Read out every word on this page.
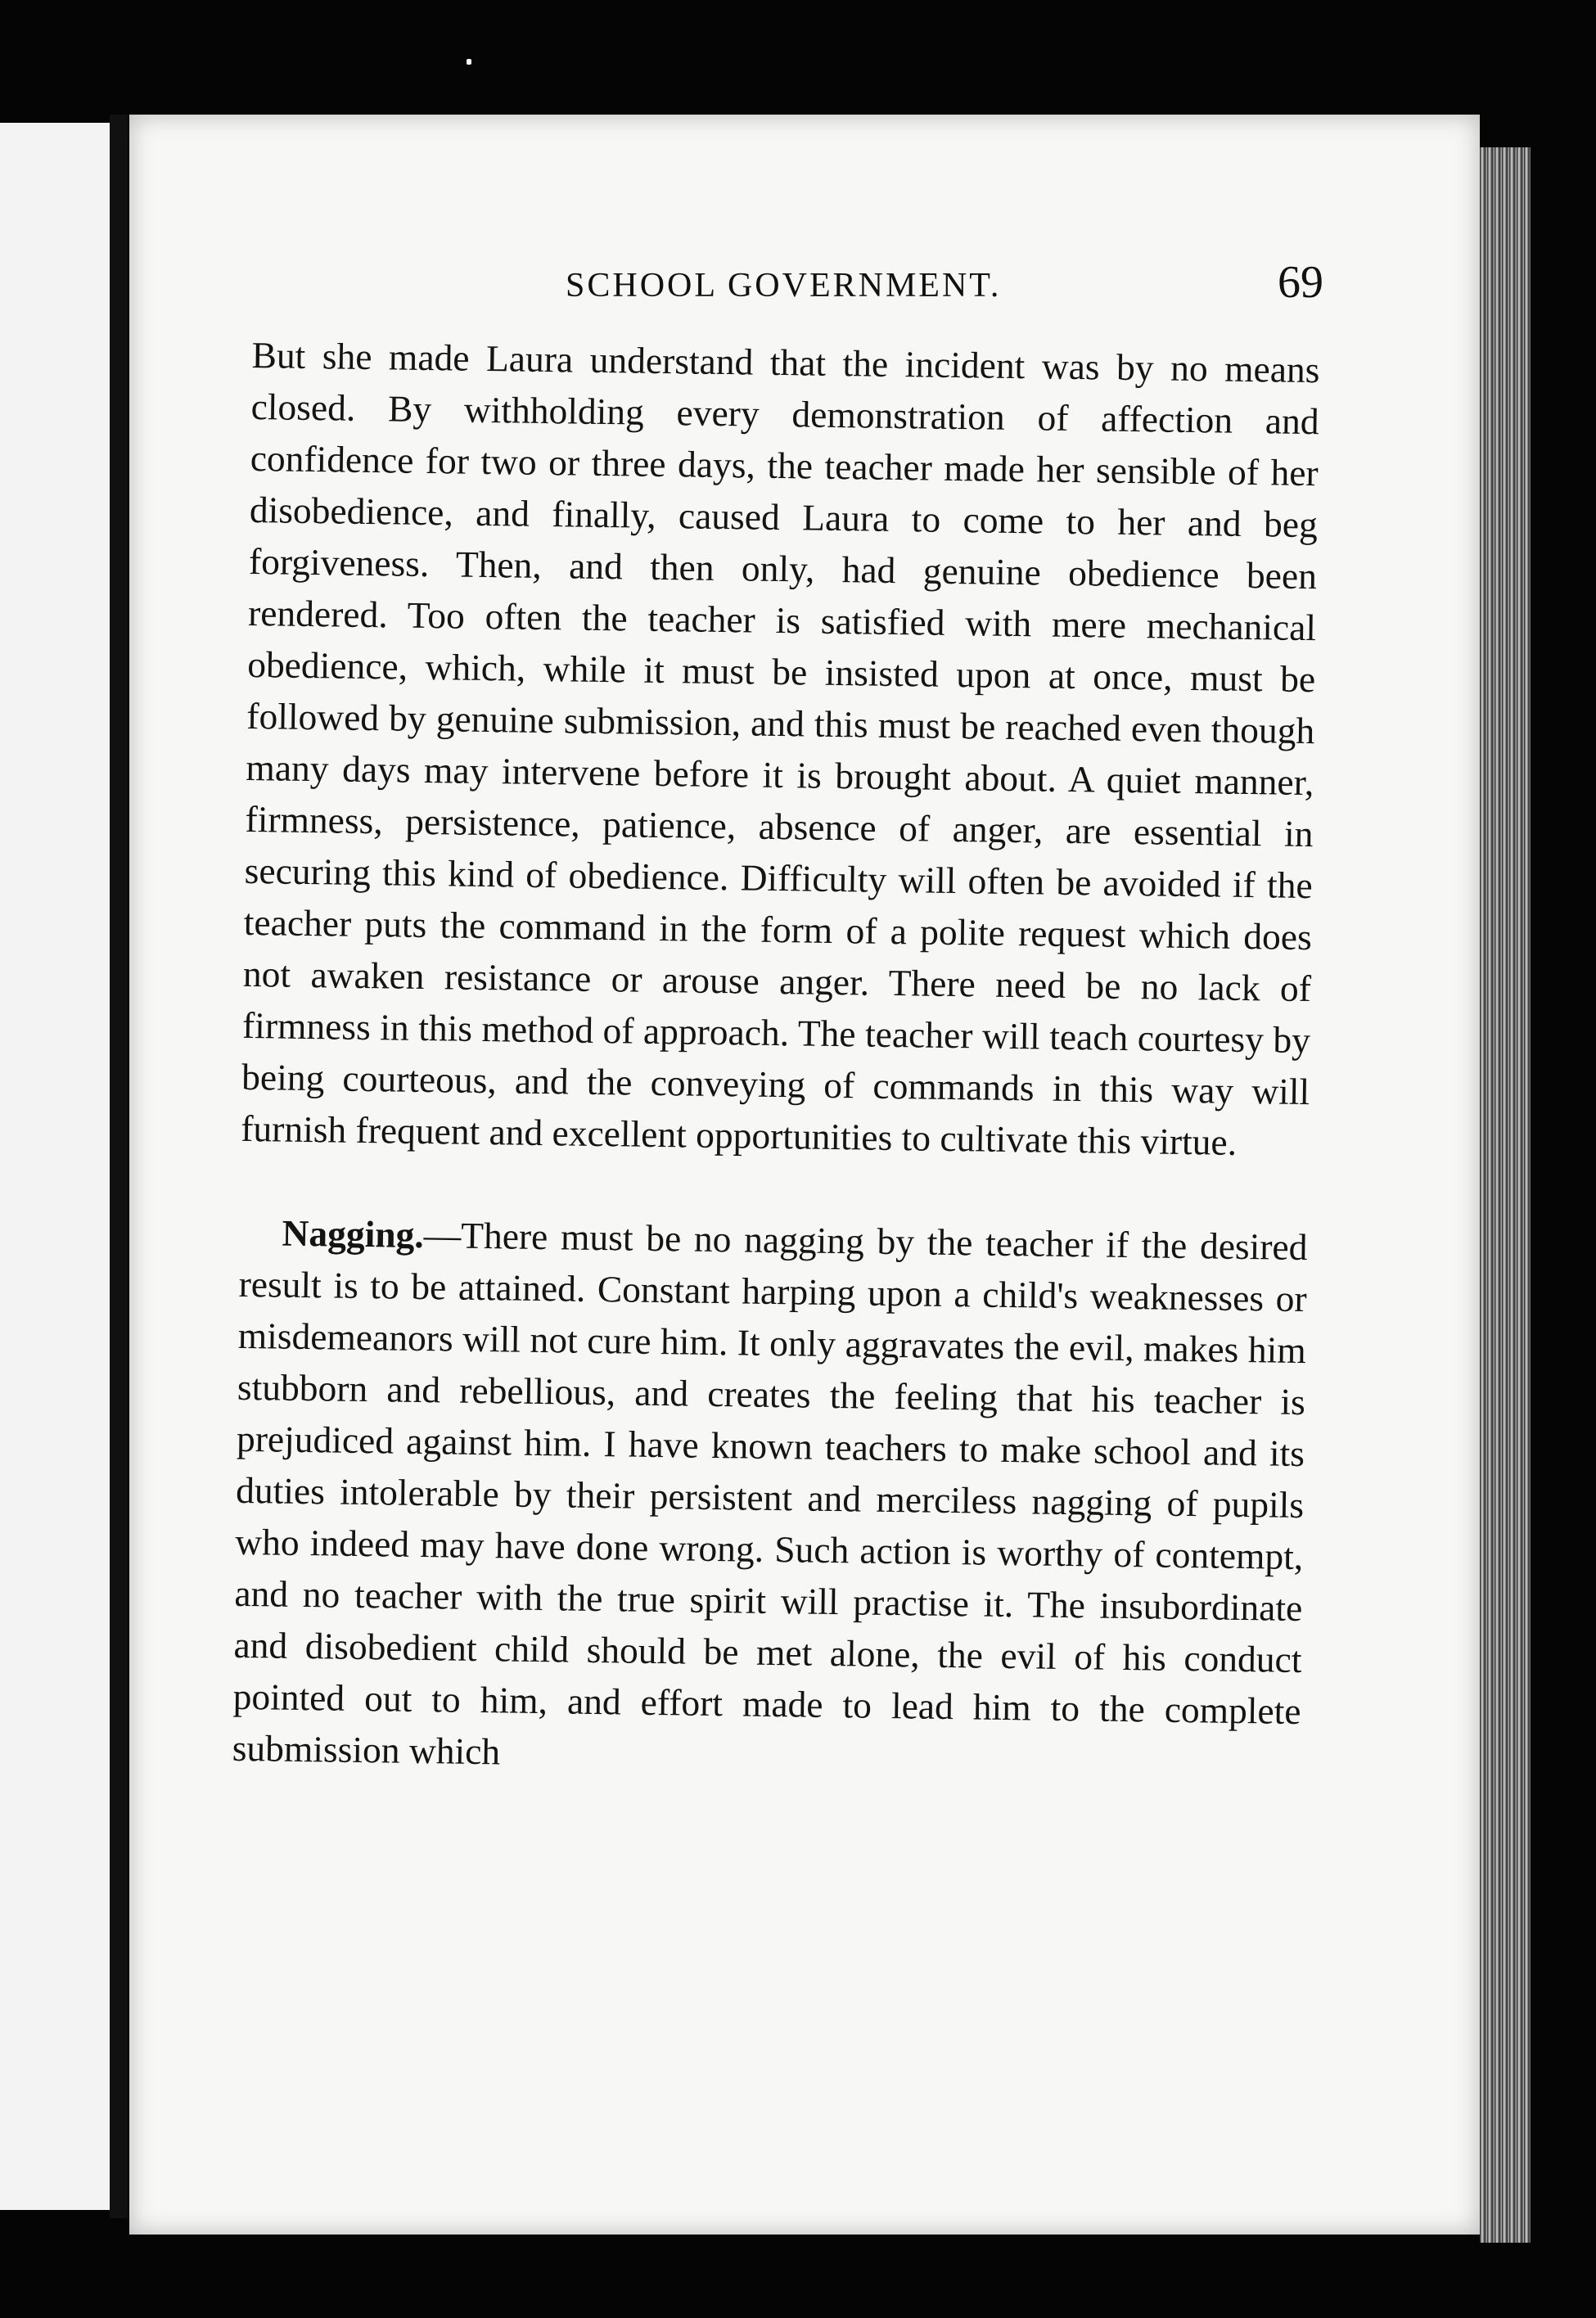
SCHOOL GOVERNMENT.	69

But she made Laura understand that the incident was by no means closed. By withholding every demonstration of affection and confidence for two or three days, the teacher made her sensible of her disobedience, and finally, caused Laura to come to her and beg forgiveness. Then, and then only, had genuine obedience been rendered. Too often the teacher is satisfied with mere mechanical obedience, which, while it must be insisted upon at once, must be followed by genuine submission, and this must be reached even though many days may intervene before it is brought about. A quiet manner, firmness, persistence, patience, absence of anger, are essential in securing this kind of obedience. Difficulty will often be avoided if the teacher puts the command in the form of a polite request which does not awaken resistance or arouse anger. There need be no lack of firmness in this method of approach. The teacher will teach courtesy by being courteous, and the conveying of commands in this way will furnish frequent and excellent opportunities to cultivate this virtue.

Nagging.—There must be no nagging by the teacher if the desired result is to be attained. Constant harping upon a child's weaknesses or misdemeanors will not cure him. It only aggravates the evil, makes him stubborn and rebellious, and creates the feeling that his teacher is prejudiced against him. I have known teachers to make school and its duties intolerable by their persistent and merciless nagging of pupils who indeed may have done wrong. Such action is worthy of contempt, and no teacher with the true spirit will practise it. The insubordinate and disobedient child should be met alone, the evil of his conduct pointed out to him, and effort made to lead him to the complete submission which
